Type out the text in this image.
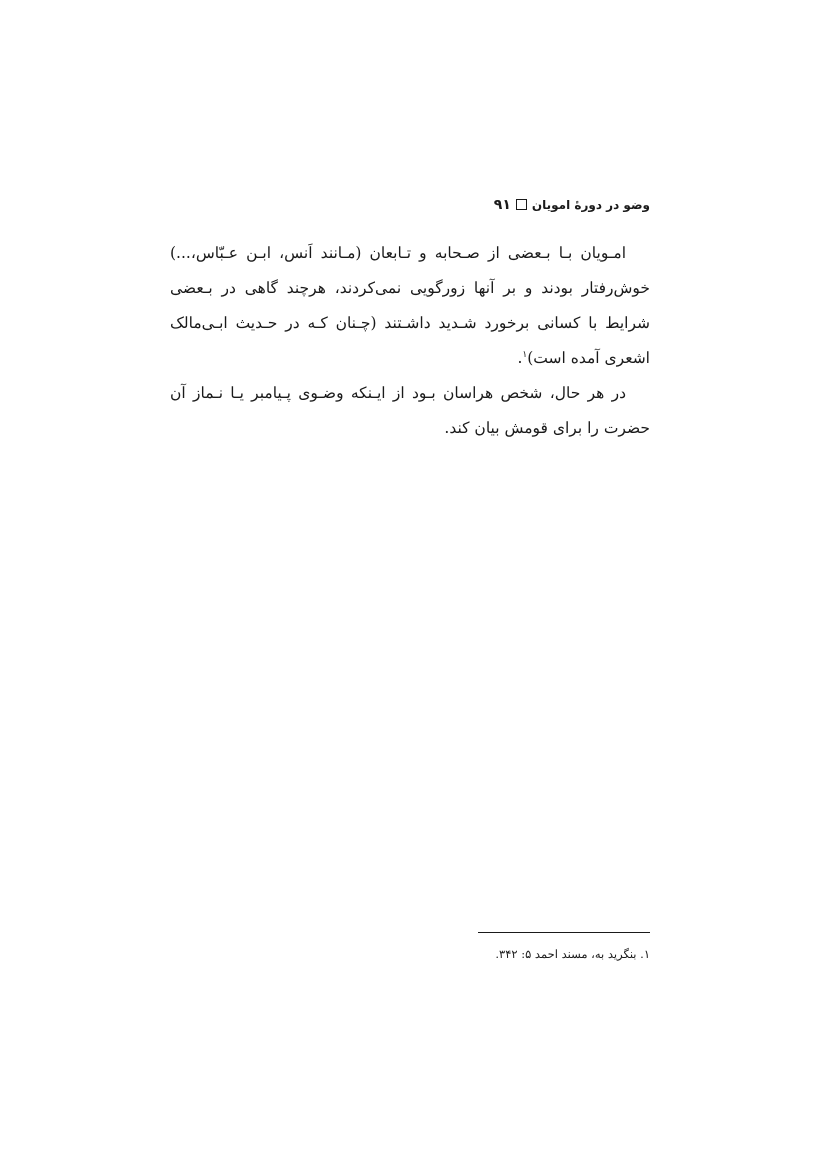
وضو در دورهٔ امویان۹۱

امـویان بـا بـعضی از صـحابه و تـابعان (مـانند اَنس، ابـن عـبّاس،...) خوش‌رفتار بودند و بر آنها زورگویی نمی‌کردند، هرچند گاهی در بـعضی شرایط با کسانی برخورد شـدید داشـتند (چـنان کـه در حـدیث ابـی‌مالک اشعری آمده است)$^۱$.

در هر حال، شخص هراسان بـود از ایـنکه وضـوی پـیامبر یـا نـماز آن حضرت را برای قومش بیان کند.

۱. بنگرید به، مسند احمد ۵: ۳۴۲.
